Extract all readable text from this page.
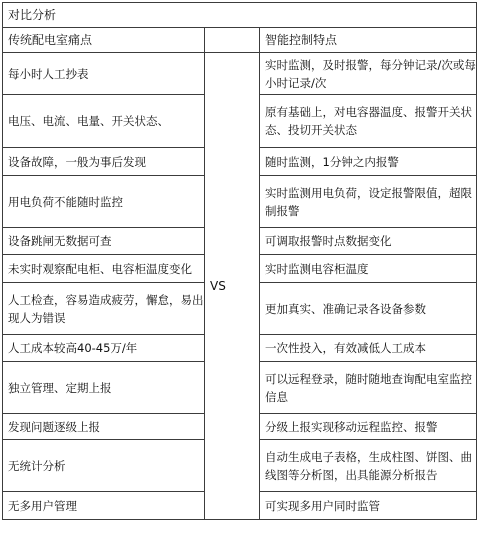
对比分析		
传统配电室痛点		智能控制特点
每小时人工抄表	VS	实时监测，及时报警，每分钟记录/次或每小时记录/次
电压、电流、电量、开关状态、		原有基础上，对电容器温度、报警开关状态、投切开关状态
设备故障，一般为事后发现		随时监测，1分钟之内报警
用电负荷不能随时监控		实时监测用电负荷，设定报警限值，超限制报警
设备跳闸无数据可查		可调取报警时点数据变化
未实时观察配电柜、电容柜温度变化		实时监测电容柜温度
人工检查，容易造成疲劳，懈怠，易出现人为错误		更加真实、准确记录各设备参数
人工成本较高40-45万/年		一次性投入，有效减低人工成本
独立管理、定期上报		可以远程登录，随时随地查询配电室监控信息
发现问题逐级上报		分级上报实现移动远程监控、报警
无统计分析		自动生成电子表格，生成柱图、饼图、曲线图等分析图，出具能源分析报告
无多用户管理		可实现多用户同时监管
